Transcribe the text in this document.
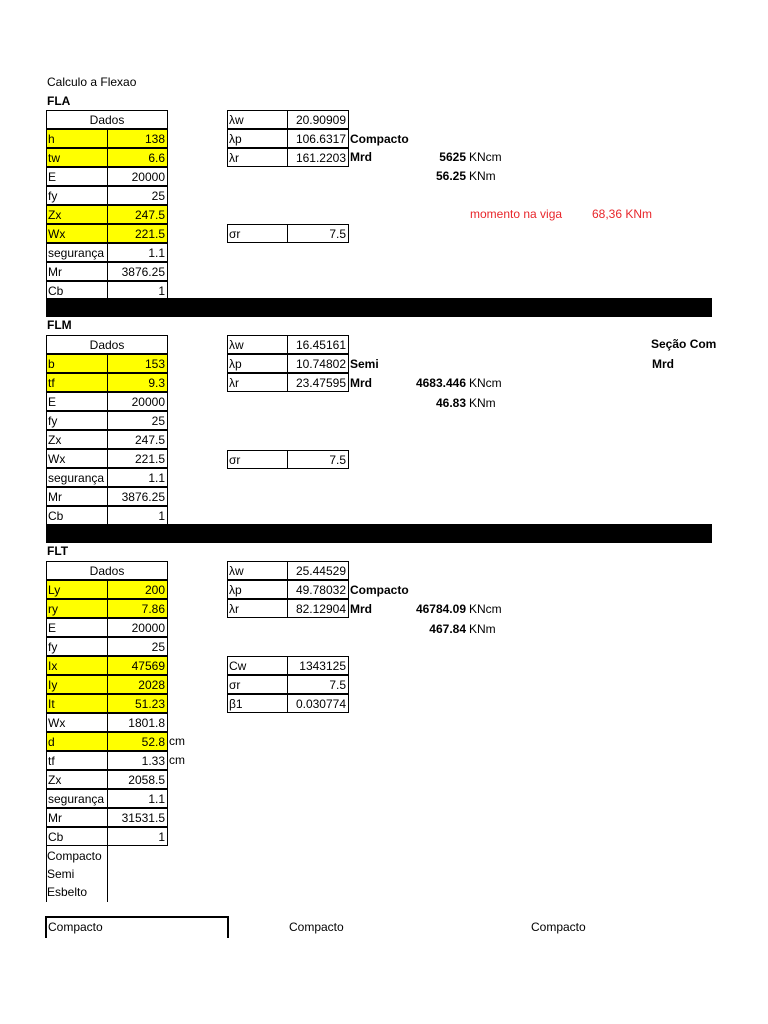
Calculo a Flexao
FLA
Dados
h	138
tw	6.6
E	20000
fy	25
Zx	247.5
Wx	221.5
segurança	1.1
Mr	3876.25
Cb	1
λw	20.90909
λp	106.6317
λr	161.2203
Compacto
Mrd	5625 KNcm
56.25 KNm
momento na viga 68,36 KNm
σr	7.5
FLM
Dados
b	153
tf	9.3
E	20000
fy	25
Zx	247.5
Wx	221.5
segurança	1.1
Mr	3876.25
Cb	1
λw	16.45161
λp	10.74802
λr	23.47595
Semi
Mrd	4683.446 KNcm
46.83 KNm
Seção Com
Mrd
σr	7.5
FLT
Dados
Ly	200
ry	7.86
E	20000
fy	25
Ix	47569
Iy	2028
It	51.23
Wx	1801.8
d	52.8 cm
tf	1.33 cm
Zx	2058.5
segurança	1.1
Mr	31531.5
Cb	1
Compacto
Semi
Esbelto
λw	25.44529
λp	49.78032
λr	82.12904
Compacto
Mrd	46784.09 KNcm
467.84 KNm
Cw	1343125
σr	7.5
β1	0.030774
Compacto	Compacto	Compacto
